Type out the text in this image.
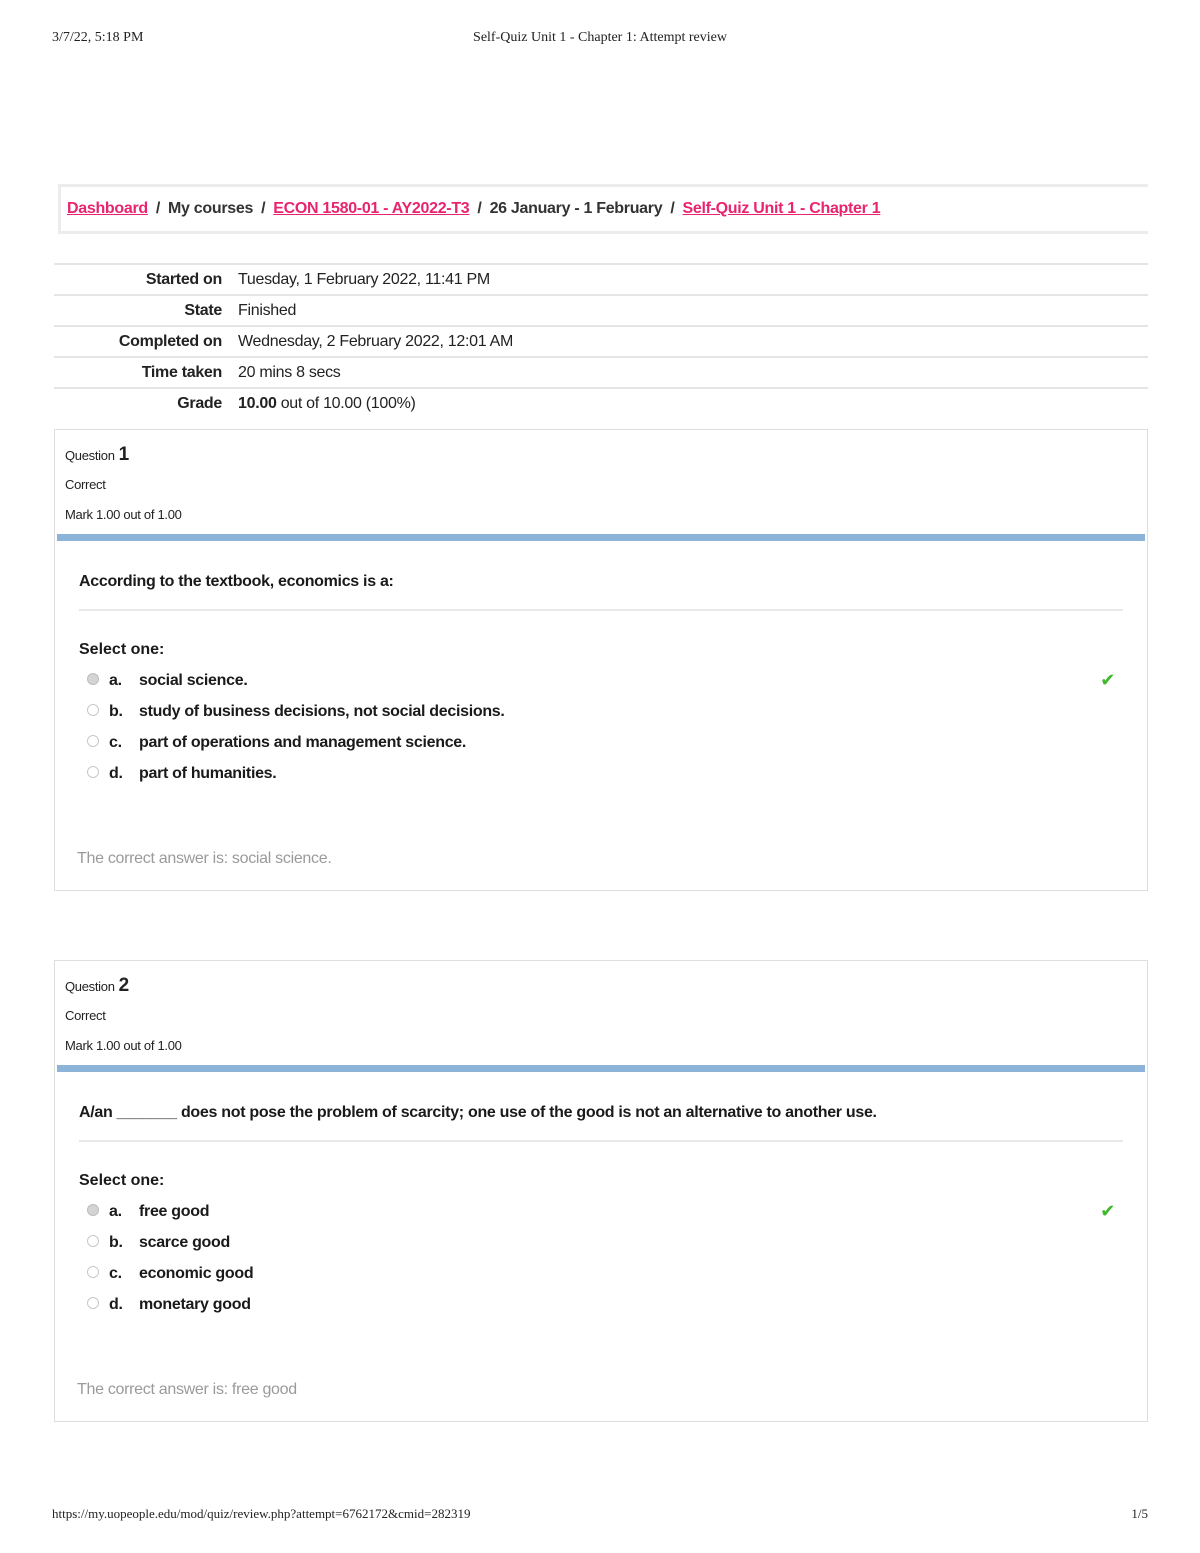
3/7/22, 5:18 PM	Self-Quiz Unit 1 - Chapter 1: Attempt review
Dashboard / My courses / ECON 1580-01 - AY2022-T3 / 26 January - 1 February / Self-Quiz Unit 1 - Chapter 1
Started on	Tuesday, 1 February 2022, 11:41 PM
State	Finished
Completed on	Wednesday, 2 February 2022, 12:01 AM
Time taken	20 mins 8 secs
Grade	10.00 out of 10.00 (100%)
Question 1
Correct
Mark 1.00 out of 1.00
According to the textbook, economics is a:
Select one:
a. social science.	✔
b. study of business decisions, not social decisions.
c. part of operations and management science.
d. part of humanities.
The correct answer is: social science.
Question 2
Correct
Mark 1.00 out of 1.00
A/an _______ does not pose the problem of scarcity; one use of the good is not an alternative to another use.
Select one:
a. free good	✔
b. scarce good
c. economic good
d. monetary good
The correct answer is: free good
https://my.uopeople.edu/mod/quiz/review.php?attempt=6762172&cmid=282319	1/5
